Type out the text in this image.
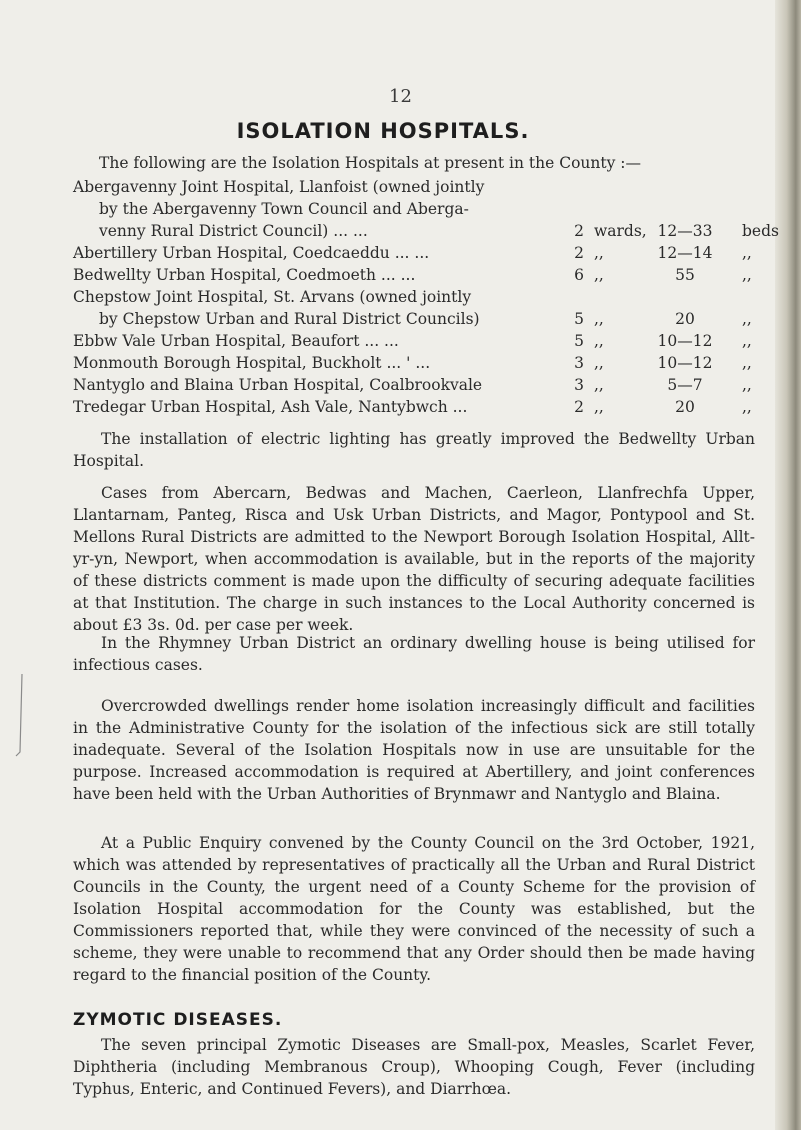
12
ISOLATION HOSPITALS.
The following are the Isolation Hospitals at present in the County :—
Abergavenny Joint Hospital, Llanfoist (owned jointly
by the Abergavenny Town Council and Aberga-
venny Rural District Council) ... ...	2 wards, 12—33	beds
Abertillery Urban Hospital, Coedcaeddu ... ...	2 ,,	12—14	,,
Bedwellty Urban Hospital, Coedmoeth ... ...	6 ,,	55	,,
Chepstow Joint Hospital, St. Arvans (owned jointly
by Chepstow Urban and Rural District Councils)	5 ,,	20	,,
Ebbw Vale Urban Hospital, Beaufort ... ...	5 ,,	10—12	,,
Monmouth Borough Hospital, Buckholt ... ' ...	3 ,,	10—12	,,
Nantyglo and Blaina Urban Hospital, Coalbrookvale	3 ,,	5—7	,,
Tredegar Urban Hospital, Ash Vale, Nantybwch ...	2 ,,	20	,,
The installation of electric lighting has greatly improved the Bedwellty Urban Hospital.
Cases from Abercarn, Bedwas and Machen, Caerleon, Llanfrechfa Upper, Llantarnam, Panteg, Risca and Usk Urban Districts, and Magor, Pontypool and St. Mellons Rural Districts are admitted to the Newport Borough Isolation Hospital, Allt-yr-yn, Newport, when accommodation is available, but in the reports of the majority of these districts comment is made upon the difficulty of securing adequate facilities at that Institution. The charge in such instances to the Local Authority concerned is about £3 3s. 0d. per case per week.
In the Rhymney Urban District an ordinary dwelling house is being utilised for infectious cases.
Overcrowded dwellings render home isolation increasingly difficult and facilities in the Administrative County for the isolation of the infectious sick are still totally inadequate. Several of the Isolation Hospitals now in use are unsuitable for the purpose. Increased accommodation is required at Abertillery, and joint conferences have been held with the Urban Authorities of Brynmawr and Nantyglo and Blaina.
At a Public Enquiry convened by the County Council on the 3rd October, 1921, which was attended by representatives of practically all the Urban and Rural District Councils in the County, the urgent need of a County Scheme for the provision of Isolation Hospital accommodation for the County was established, but the Commissioners reported that, while they were convinced of the necessity of such a scheme, they were unable to recommend that any Order should then be made having regard to the financial position of the County.
ZYMOTIC DISEASES.
The seven principal Zymotic Diseases are Small-pox, Measles, Scarlet Fever, Diphtheria (including Membranous Croup), Whooping Cough, Fever (including Typhus, Enteric, and Continued Fevers), and Diarrhœa.
